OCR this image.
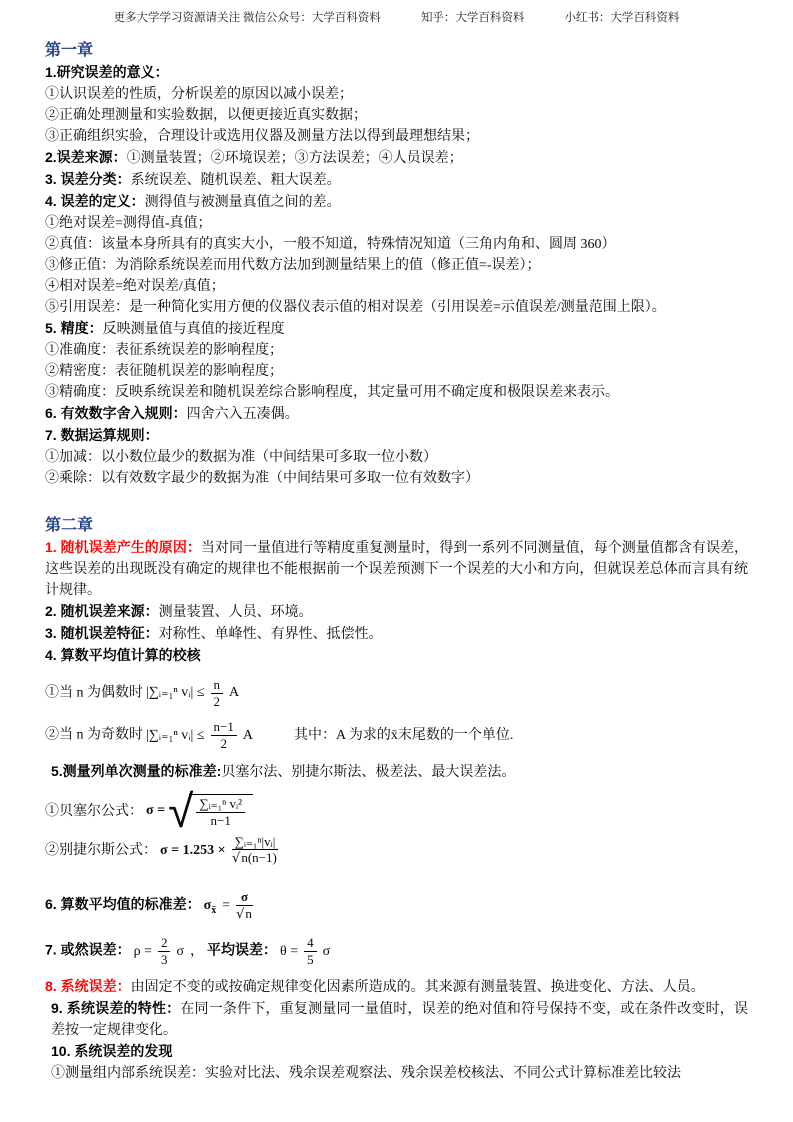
更多大学学习资源请关注 微信公众号：大学百科资料	知乎：大学百科资料	小红书：大学百科资料

第一章

1.研究误差的意义：

①认识误差的性质，分析误差的原因以减小误差；

②正确处理测量和实验数据，以便更接近真实数据；

③正确组织实验，合理设计或选用仪器及测量方法以得到最理想结果；

2.误差来源：①测量装置；②环境误差；③方法误差；④人员误差；

3. 误差分类：系统误差、随机误差、粗大误差。

4. 误差的定义：测得值与被测量真值之间的差。

①绝对误差=测得值-真值；

②真值：该量本身所具有的真实大小，一般不知道，特殊情况知道（三角内角和、圆周 360）

③修正值：为消除系统误差而用代数方法加到测量结果上的值（修正值=-误差）；

④相对误差=绝对误差/真值；

⑤引用误差：是一种简化实用方便的仪器仪表示值的相对误差（引用误差=示值误差/测量范围上限）。

5. 精度：反映测量值与真值的接近程度

①准确度：表征系统误差的影响程度；

②精密度：表征随机误差的影响程度；

③精确度：反映系统误差和随机误差综合影响程度，其定量可用不确定度和极限误差来表示。

6. 有效数字舍入规则：四舍六入五凑偶。

7. 数据运算规则：

①加减：以小数位最少的数据为准（中间结果可多取一位小数）

②乘除：以有效数字最少的数据为准（中间结果可多取一位有效数字）

第二章

1. 随机误差产生的原因：当对同一量值进行等精度重复测量时，得到一系列不同测量值，每个测量值都含有误差，这些误差的出现既没有确定的规律也不能根据前一个误差预测下一个误差的大小和方向，但就误差总体而言具有统计规律。

2. 随机误差来源：测量装置、人员、环境。

3. 随机误差特征：对称性、单峰性、有界性、抵偿性。

4. 算数平均值计算的校核

①当 n 为偶数时 |∑ᵢ₌₁ⁿ vᵢ| ≤ $\frac{n}{2}$ A
②当 n 为奇数时 |∑ᵢ₌₁ⁿ vᵢ| ≤ $\frac{n-1}{2}$ A	其中：A 为求的x̄末尾数的一个单位.

5.测量列单次测量的标准差:贝塞尔法、别捷尔斯法、极差法、最大误差法。

①贝塞尔公式： σ = √ $\frac{\text{∑ᵢ₌₁ⁿ vᵢ²}}{n-1}$
②别捷尔斯公式： $\sigma = 1.253 \times \frac{\text{∑ᵢ₌₁ⁿ|vᵢ|}}{√n(n-1)}$
6. 算数平均值的标准差： $\sigma_{x̄} = \frac{\sigma}{√n}$
7. 或然误差： $\rho = \frac{2}{3}$ σ ， 平均误差： $\theta = \frac{4}{5}$ σ

8. 系统误差：由固定不变的或按确定规律变化因素所造成的。其来源有测量装置、换进变化、方法、人员。

9. 系统误差的特性：在同一条件下，重复测量同一量值时，误差的绝对值和符号保持不变，或在条件改变时，误差按一定规律变化。

10. 系统误差的发现

①测量组内部系统误差：实验对比法、残余误差观察法、残余误差校核法、不同公式计算标准差比较法
